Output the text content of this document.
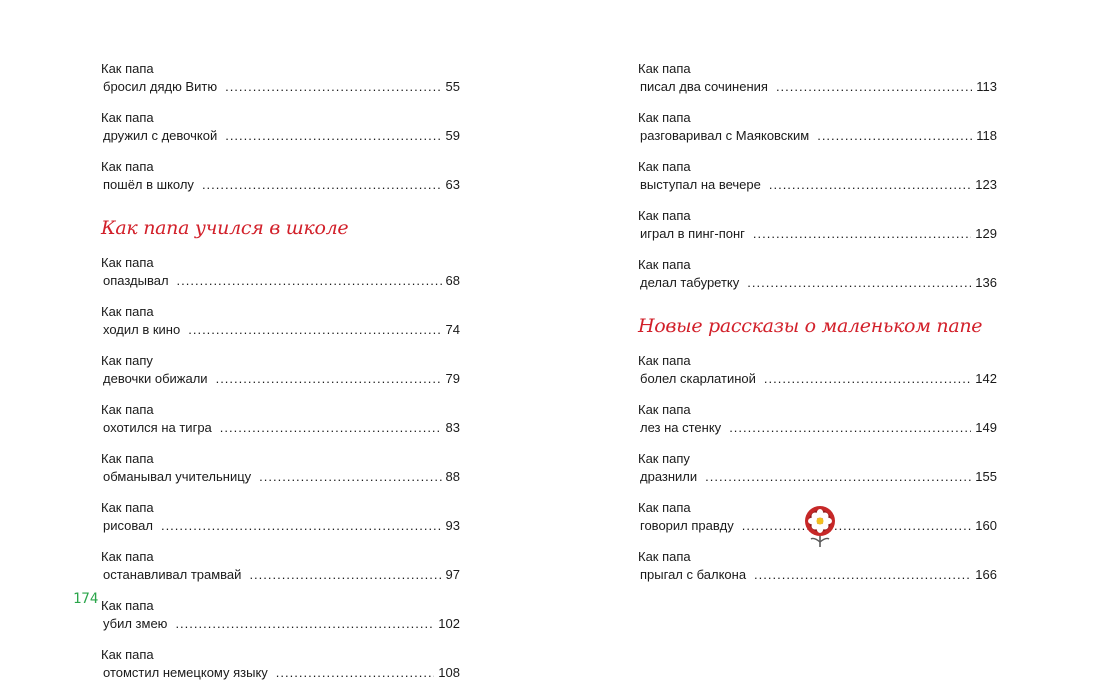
Как папа
бросил дядю Витю .....	55
Как папа
дружил с девочкой .....	59
Как папа
пошёл в школу .....	63
Как папа учился в школе
Как папа
опаздывал .....	68
Как папа
ходил в кино .....	74
Как папу
девочки обижали .....	79
Как папа
охотился на тигра .....	83
Как папа
обманывал учительницу .....	88
Как папа
рисовал .....	93
Как папа
останавливал трамвай .....	97
Как папа
убил змею .....	102
Как папа
отомстил немецкому языку .....	108
Как папа
писал два сочинения .....	113
Как папа
разговаривал с Маяковским .....	118
Как папа
выступал на вечере .....	123
Как папа
играл в пинг-понг .....	129
Как папа
делал табуретку .....	136
Новые рассказы о маленьком папе
Как папа
болел скарлатиной .....	142
Как папа
лез на стенку .....	149
Как папу
дразнили .....	155
Как папа
говорил правду .....	160
Как папа
прыгал с балкона .....	166
174
